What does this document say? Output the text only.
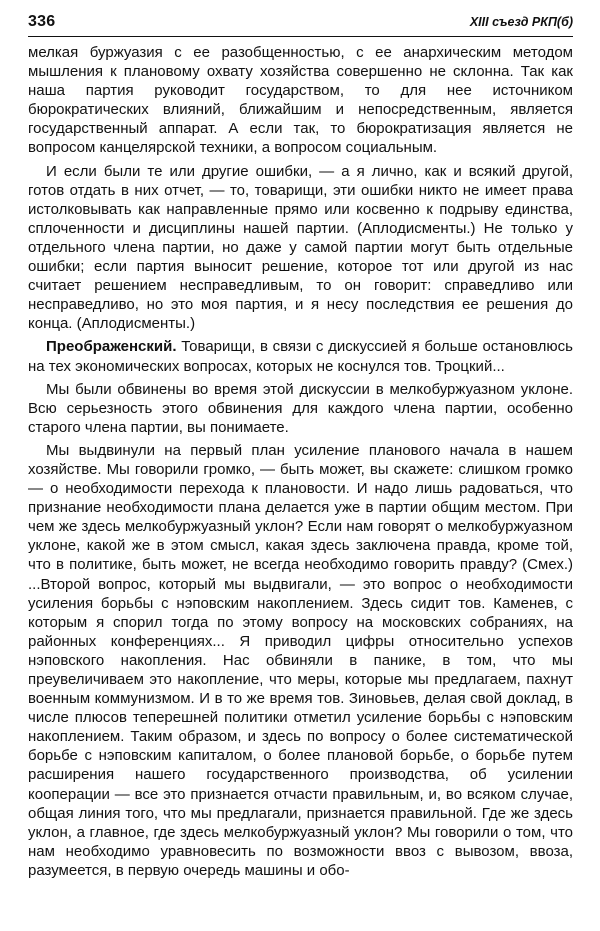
336	XIII съезд РКП(б)

мелкая буржуазия с ее разобщенностью, с ее анархическим методом мышления к плановому охвату хозяйства совершенно не склонна. Так как наша партия руководит государством, то для нее источником бюрократических влияний, ближайшим и непосредственным, является государственный аппарат. А если так, то бюрократизация является не вопросом канцелярской техники, а вопросом социальным.

И если были те или другие ошибки, — а я лично, как и всякий другой, готов отдать в них отчет, — то, товарищи, эти ошибки никто не имеет права истолковывать как направленные прямо или косвенно к подрыву единства, сплоченности и дисциплины нашей партии. (Аплодисменты.) Не только у отдельного члена партии, но даже у самой партии могут быть отдельные ошибки; если партия выносит решение, которое тот или другой из нас считает решением несправедливым, то он говорит: справедливо или несправедливо, но это моя партия, и я несу последствия ее решения до конца. (Аплодисменты.)

Преображенский. Товарищи, в связи с дискуссией я больше остановлюсь на тех экономических вопросах, которых не коснулся тов. Троцкий...

Мы были обвинены во время этой дискуссии в мелкобуржуазном уклоне. Всю серьезность этого обвинения для каждого члена партии, особенно старого члена партии, вы понимаете.

Мы выдвинули на первый план усиление планового начала в нашем хозяйстве. Мы говорили громко, — быть может, вы скажете: слишком громко — о необходимости перехода к плановости. И надо лишь радоваться, что признание необходимости плана делается уже в партии общим местом. При чем же здесь мелкобуржуазный уклон? Если нам говорят о мелкобуржуазном уклоне, какой же в этом смысл, какая здесь заключена правда, кроме той, что в политике, быть может, не всегда необходимо говорить правду? (Смех.) ...Второй вопрос, который мы выдвигали, — это вопрос о необходимости усиления борьбы с нэповским накоплением. Здесь сидит тов. Каменев, с которым я спорил тогда по этому вопросу на московских собраниях, на районных конференциях... Я приводил цифры относительно успехов нэповского накопления. Нас обвиняли в панике, в том, что мы преувеличиваем это накопление, что меры, которые мы предлагаем, пахнут военным коммунизмом. И в то же время тов. Зиновьев, делая свой доклад, в числе плюсов теперешней политики отметил усиление борьбы с нэповским накоплением. Таким образом, и здесь по вопросу о более систематической борьбе с нэповским капиталом, о более плановой борьбе, о борьбе путем расширения нашего государственного производства, об усилении кооперации — все это признается отчасти правильным, и, во всяком случае, общая линия того, что мы предлагали, признается правильной. Где же здесь уклон, а главное, где здесь мелкобуржуазный уклон? Мы говорили о том, что нам необходимо уравновесить по возможности ввоз с вывозом, ввоза, разумеется, в первую очередь машины и обо-
